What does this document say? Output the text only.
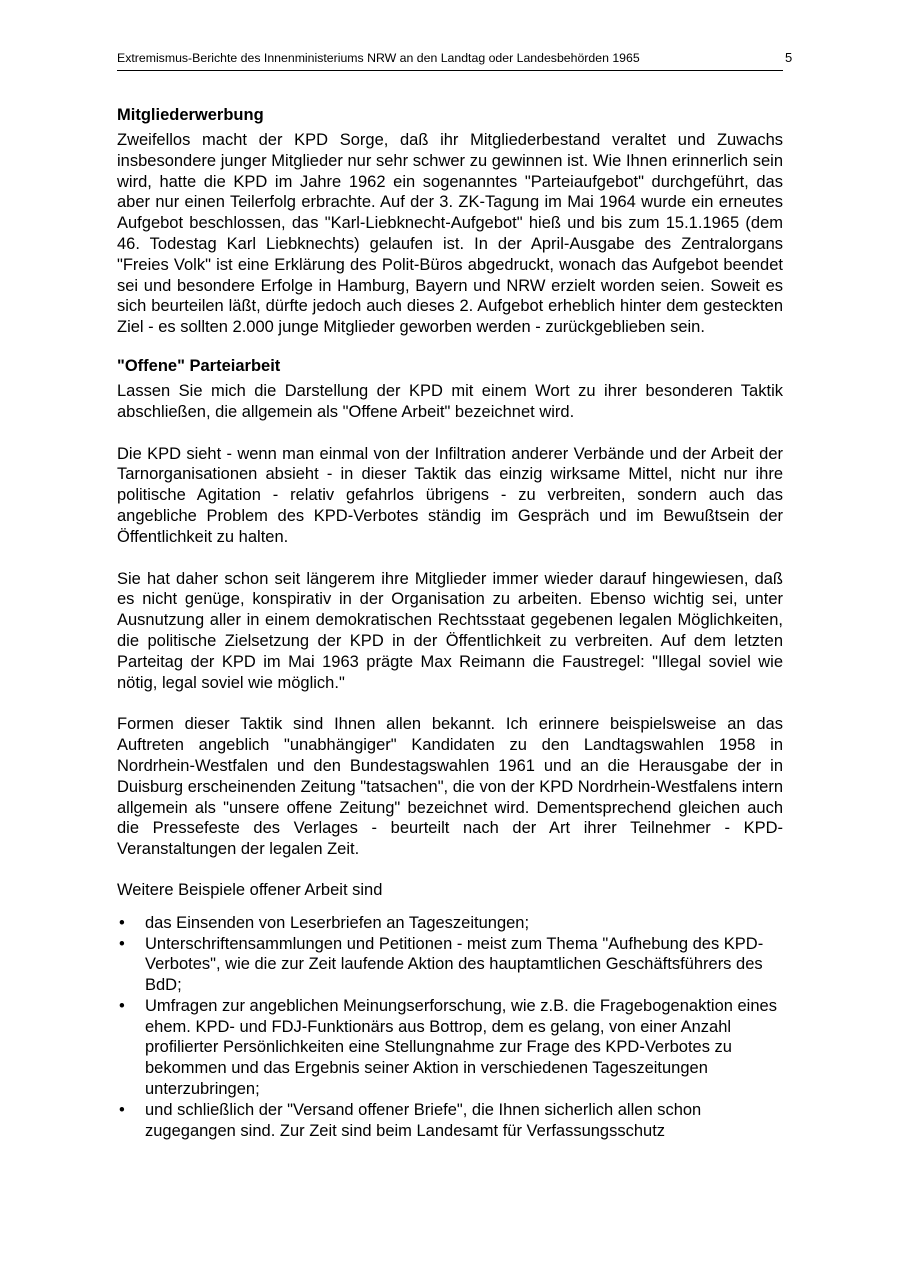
Extremismus-Berichte des Innenministeriums NRW an den Landtag oder Landesbehörden 1965	5
Mitgliederwerbung

Zweifellos macht der KPD Sorge, daß ihr Mitgliederbestand veraltet und Zuwachs insbesondere junger Mitglieder nur sehr schwer zu gewinnen ist. Wie Ihnen erinnerlich sein wird, hatte die KPD im Jahre 1962 ein sogenanntes "Parteiaufgebot" durchgeführt, das aber nur einen Teilerfolg erbrachte. Auf der 3. ZK-Tagung im Mai 1964 wurde ein erneutes Aufgebot beschlossen, das "Karl-Liebknecht-Aufgebot" hieß und bis zum 15.1.1965 (dem 46. Todestag Karl Liebknechts) gelaufen ist. In der April-Ausgabe des Zentralorgans "Freies Volk" ist eine Erklärung des Polit-Büros abgedruckt, wonach das Aufgebot beendet sei und besondere Erfolge in Hamburg, Bayern und NRW erzielt worden seien. Soweit es sich beurteilen läßt, dürfte jedoch auch dieses 2. Aufgebot erheblich hinter dem gesteckten Ziel - es sollten 2.000 junge Mitglieder geworben werden - zurückgeblieben sein.

"Offene" Parteiarbeit

Lassen Sie mich die Darstellung der KPD mit einem Wort zu ihrer besonderen Taktik abschließen, die allgemein als "Offene Arbeit" bezeichnet wird.

Die KPD sieht - wenn man einmal von der Infiltration anderer Verbände und der Arbeit der Tarnorganisationen absieht - in dieser Taktik das einzig wirksame Mittel, nicht nur ihre politische Agitation - relativ gefahrlos übrigens - zu verbreiten, sondern auch das angebliche Problem des KPD-Verbotes ständig im Gespräch und im Bewußtsein der Öffentlichkeit zu halten.

Sie hat daher schon seit längerem ihre Mitglieder immer wieder darauf hingewiesen, daß es nicht genüge, konspirativ in der Organisation zu arbeiten. Ebenso wichtig sei, unter Ausnutzung aller in einem demokratischen Rechtsstaat gegebenen legalen Möglichkeiten, die politische Zielsetzung der KPD in der Öffentlichkeit zu verbreiten. Auf dem letzten Parteitag der KPD im Mai 1963 prägte Max Reimann die Faustregel: "Illegal soviel wie nötig, legal soviel wie möglich."

Formen dieser Taktik sind Ihnen allen bekannt. Ich erinnere beispielsweise an das Auftreten angeblich "unabhängiger" Kandidaten zu den Landtagswahlen 1958 in Nordrhein-Westfalen und den Bundestagswahlen 1961 und an die Herausgabe der in Duisburg erscheinenden Zeitung "tatsachen", die von der KPD Nordrhein-Westfalens intern allgemein als "unsere offene Zeitung" bezeichnet wird. Dementsprechend gleichen auch die Pressefeste des Verlages - beurteilt nach der Art ihrer Teilnehmer - KPD-Veranstaltungen der legalen Zeit.

Weitere Beispiele offener Arbeit sind

• das Einsenden von Leserbriefen an Tageszeitungen;
• Unterschriftensammlungen und Petitionen - meist zum Thema "Aufhebung des KPD-Verbotes", wie die zur Zeit laufende Aktion des hauptamtlichen Geschäftsführers des BdD;
• Umfragen zur angeblichen Meinungserforschung, wie z.B. die Fragebogenaktion eines ehem. KPD- und FDJ-Funktionärs aus Bottrop, dem es gelang, von einer Anzahl profilierter Persönlichkeiten eine Stellungnahme zur Frage des KPD-Verbotes zu bekommen und das Ergebnis seiner Aktion in verschiedenen Tageszeitungen unterzubringen;
• und schließlich der "Versand offener Briefe", die Ihnen sicherlich allen schon zugegangen sind. Zur Zeit sind beim Landesamt für Verfassungsschutz
